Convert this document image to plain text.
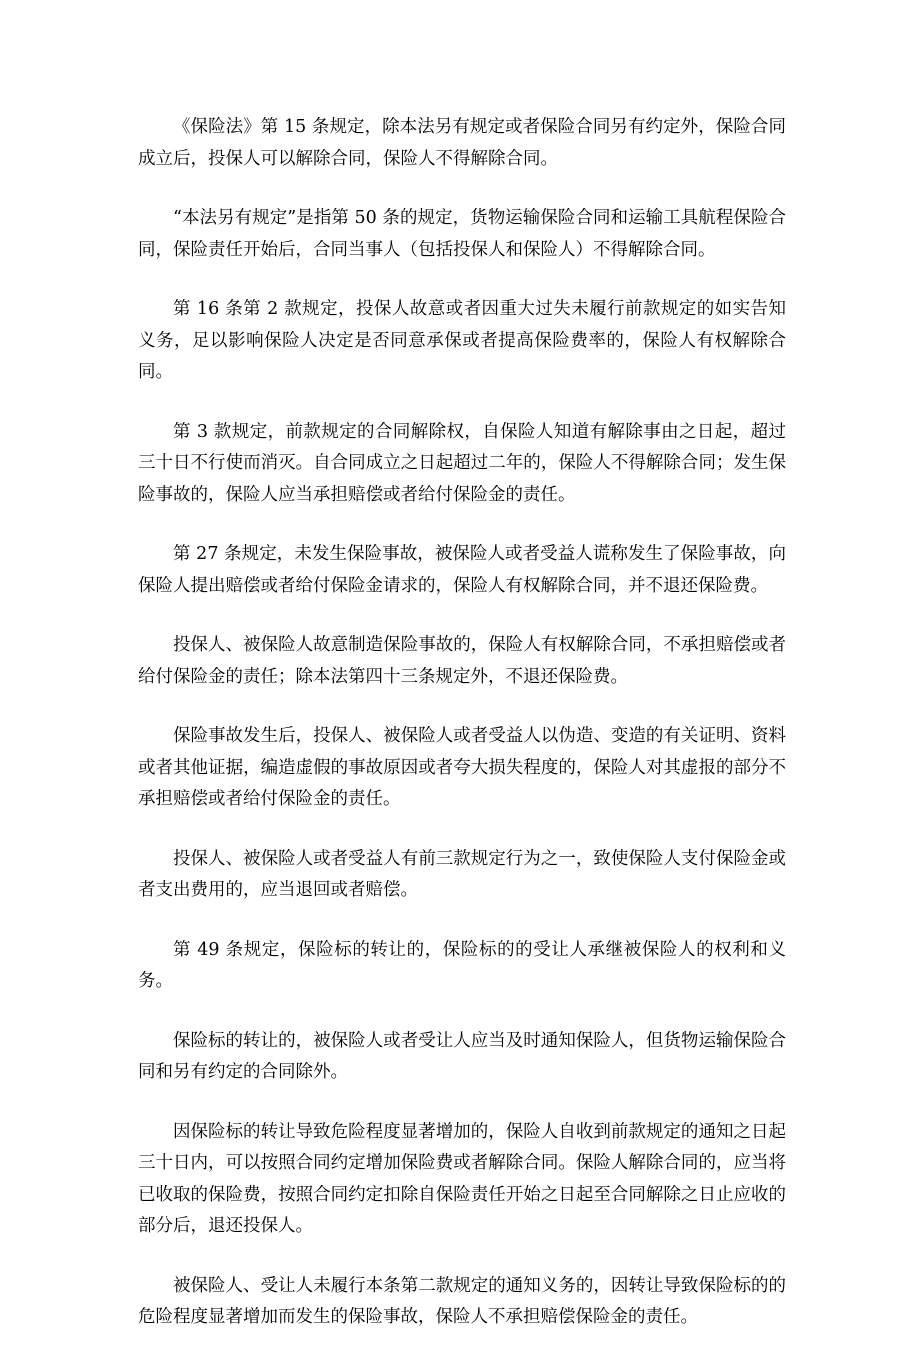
《保险法》第 15 条规定，除本法另有规定或者保险合同另有约定外，保险合同成立后，投保人可以解除合同，保险人不得解除合同。

“本法另有规定”是指第 50 条的规定，货物运输保险合同和运输工具航程保险合同，保险责任开始后，合同当事人（包括投保人和保险人）不得解除合同。

第 16 条第 2 款规定，投保人故意或者因重大过失未履行前款规定的如实告知义务，足以影响保险人决定是否同意承保或者提高保险费率的，保险人有权解除合同。

第 3 款规定，前款规定的合同解除权，自保险人知道有解除事由之日起，超过三十日不行使而消灭。自合同成立之日起超过二年的，保险人不得解除合同；发生保险事故的，保险人应当承担赔偿或者给付保险金的责任。

第 27 条规定，未发生保险事故，被保险人或者受益人谎称发生了保险事故，向保险人提出赔偿或者给付保险金请求的，保险人有权解除合同，并不退还保险费。

投保人、被保险人故意制造保险事故的，保险人有权解除合同，不承担赔偿或者给付保险金的责任；除本法第四十三条规定外，不退还保险费。

保险事故发生后，投保人、被保险人或者受益人以伪造、变造的有关证明、资料或者其他证据，编造虚假的事故原因或者夸大损失程度的，保险人对其虚报的部分不承担赔偿或者给付保险金的责任。

投保人、被保险人或者受益人有前三款规定行为之一，致使保险人支付保险金或者支出费用的，应当退回或者赔偿。

第 49 条规定，保险标的转让的，保险标的的受让人承继被保险人的权利和义务。

保险标的转让的，被保险人或者受让人应当及时通知保险人，但货物运输保险合同和另有约定的合同除外。

因保险标的转让导致危险程度显著增加的，保险人自收到前款规定的通知之日起三十日内，可以按照合同约定增加保险费或者解除合同。保险人解除合同的，应当将已收取的保险费，按照合同约定扣除自保险责任开始之日起至合同解除之日止应收的部分后，退还投保人。

被保险人、受让人未履行本条第二款规定的通知义务的，因转让导致保险标的的危险程度显著增加而发生的保险事故，保险人不承担赔偿保险金的责任。
